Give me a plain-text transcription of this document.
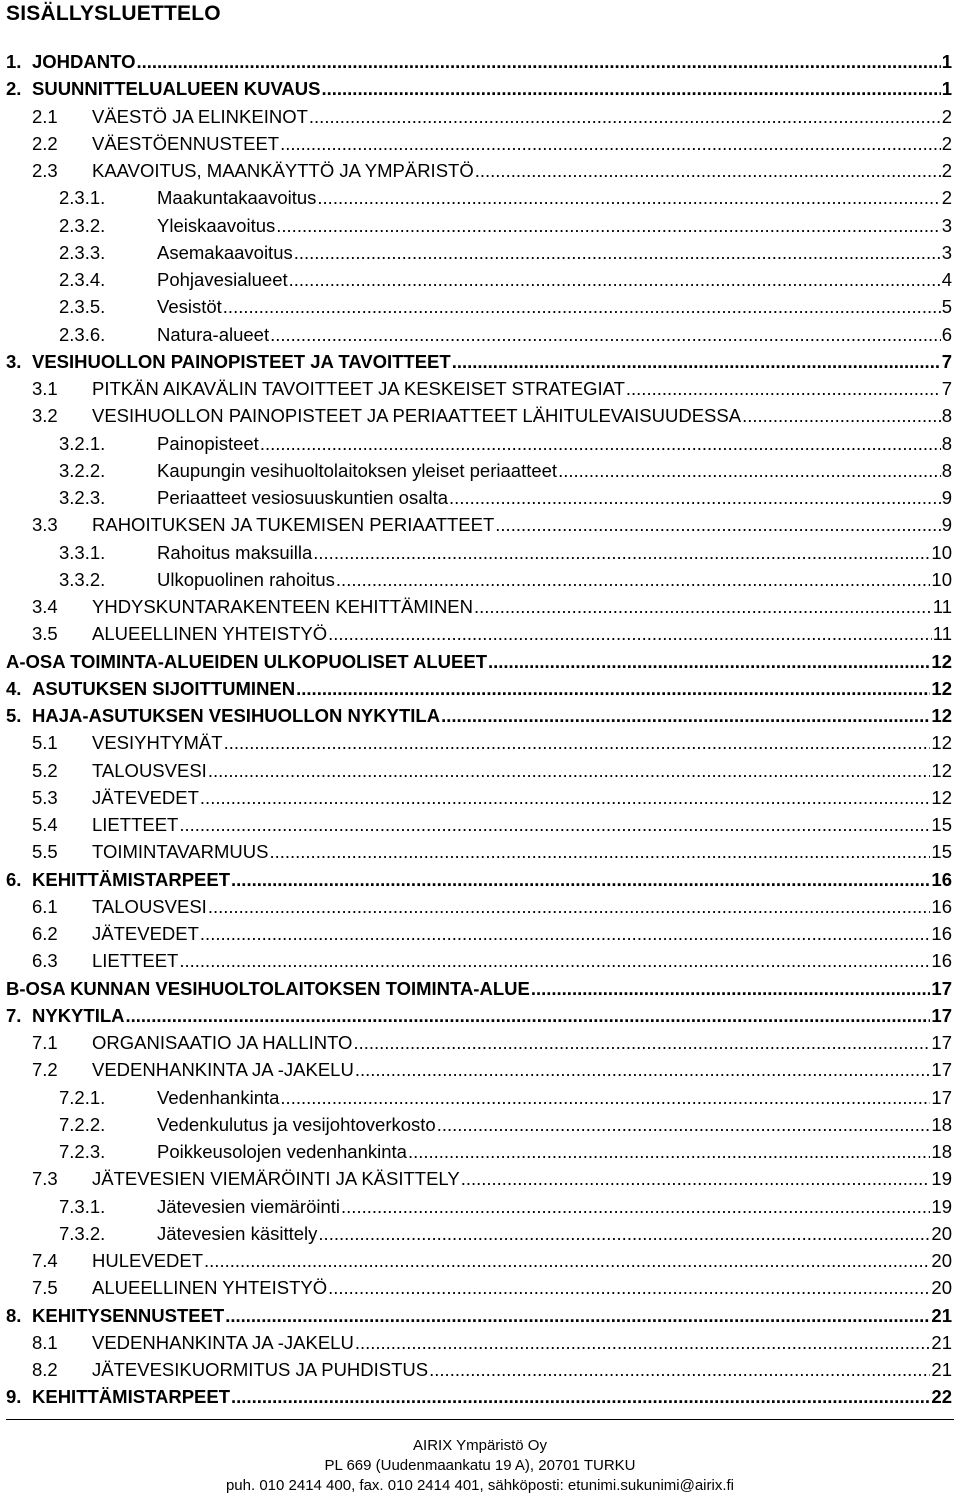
SISÄLLYSLUETTELO
1. JOHDANTO .....	1
2. SUUNNITTELUALUEEN KUVAUS .....	1
2.1	VÄESTÖ JA ELINKEINOT .....	2
2.2	VÄESTÖENNUSTEET .....	2
2.3	KAAVOITUS, MAANKÄYTTÖ JA YMPÄRISTÖ .....	2
2.3.1.	Maakuntakaavoitus .....	2
2.3.2.	Yleiskaavoitus .....	3
2.3.3.	Asemakaavoitus .....	3
2.3.4.	Pohjavesialueet .....	4
2.3.5.	Vesistöt .....	5
2.3.6.	Natura-alueet .....	6
3. VESIHUOLLON PAINOPISTEET JA TAVOITTEET .....	7
3.1	PITKÄN AIKAVÄLIN TAVOITTEET JA KESKEISET STRATEGIAT .....	7
3.2	VESIHUOLLON PAINOPISTEET JA PERIAATTEET LÄHITULEVAISUUDESSA .....	8
3.2.1.	Painopisteet .....	8
3.2.2.	Kaupungin vesihuoltolaitoksen yleiset periaatteet .....	8
3.2.3.	Periaatteet vesiosuuskuntien osalta .....	9
3.3	RAHOITUKSEN JA TUKEMISEN PERIAATTEET .....	9
3.3.1.	Rahoitus maksuilla .....	10
3.3.2.	Ulkopuolinen rahoitus .....	10
3.4	YHDYSKUNTARAKENTEEN KEHITTÄMINEN .....	11
3.5	ALUEELLINEN YHTEISTYÖ .....	11
A-OSA TOIMINTA-ALUEIDEN ULKOPUOLISET ALUEET .....	12
4. ASUTUKSEN SIJOITTUMINEN .....	12
5. HAJA-ASUTUKSEN VESIHUOLLON NYKYTILA .....	12
5.1	VESIYHTYMÄT .....	12
5.2	TALOUSVESI .....	12
5.3	JÄTEVEDET .....	12
5.4	LIETTEET .....	15
5.5	TOIMINTAVARMUUS .....	15
6. KEHITTÄMISTARPEET .....	16
6.1	TALOUSVESI .....	16
6.2	JÄTEVEDET .....	16
6.3	LIETTEET .....	16
B-OSA KUNNAN VESIHUOLTOLAITOKSEN TOIMINTA-ALUE .....	17
7. NYKYTILA .....	17
7.1	ORGANISAATIO JA HALLINTO .....	17
7.2	VEDENHANKINTA JA -JAKELU .....	17
7.2.1.	Vedenhankinta .....	17
7.2.2.	Vedenkulutus ja vesijohtoverkosto .....	18
7.2.3.	Poikkeusolojen vedenhankinta .....	18
7.3	JÄTEVESIEN VIEMÄRÖINTI JA KÄSITTELY .....	19
7.3.1.	Jätevesien viemäröinti .....	19
7.3.2.	Jätevesien käsittely .....	20
7.4	HULEVEDET .....	20
7.5	ALUEELLINEN YHTEISTYÖ .....	20
8. KEHITYSENNUSTEET .....	21
8.1	VEDENHANKINTA JA -JAKELU .....	21
8.2	JÄTEVESIKUORMITUS JA PUHDISTUS .....	21
9. KEHITTÄMISTARPEET .....	22
AIRIX Ympäristö Oy
PL 669 (Uudenmaankatu 19 A), 20701 TURKU
puh. 010 2414 400, fax. 010 2414 401, sähköposti: etunimi.sukunimi@airix.fi
